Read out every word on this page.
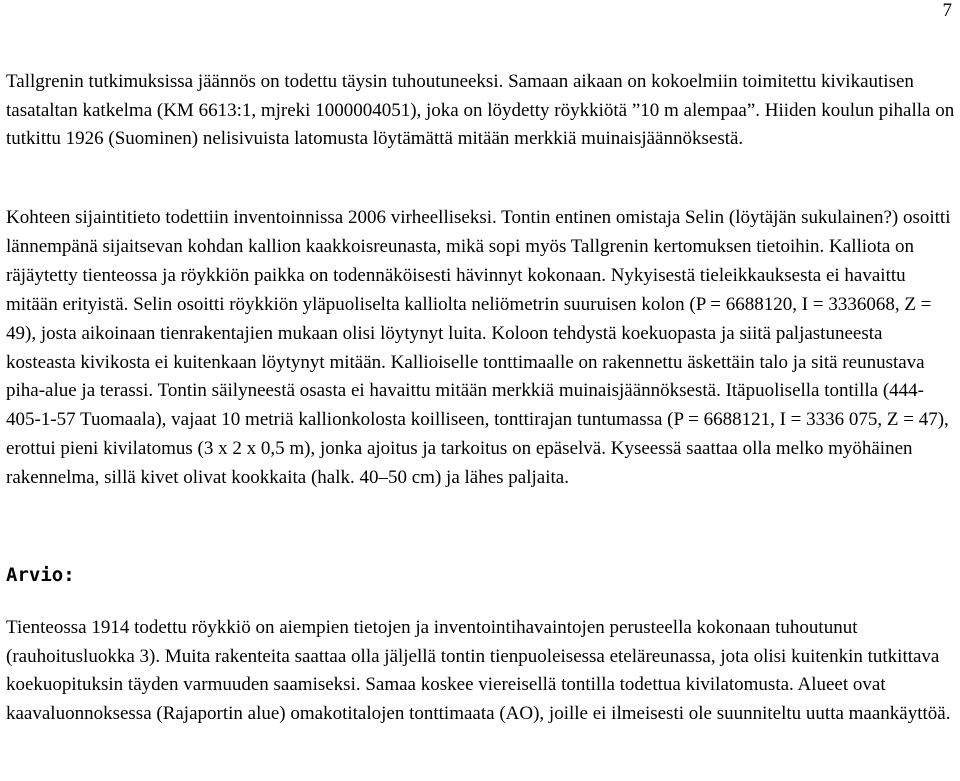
7

Tallgrenin tutkimuksissa jäännös on todettu täysin tuhoutuneeksi. Samaan aikaan on kokoelmiin toimitettu kivikautisen tasataltan katkelma (KM 6613:1, mjreki 1000004051), joka on löydetty röykkiötä ”10 m alempaa”. Hiiden koulun pihalla on tutkittu 1926 (Suominen) nelisivuista latomusta löytämättä mitään merkkiä muinaisjäännöksestä.

Kohteen sijaintitieto todettiin inventoinnissa 2006 virheelliseksi. Tontin entinen omistaja Selin (löytäjän sukulainen?) osoitti lännempänä sijaitsevan kohdan kallion kaakkoisreunasta, mikä sopi myös Tallgrenin kertomuksen tietoihin. Kalliota on räjäytetty tienteossa ja röykkiön paikka on todennäköisesti hävinnyt kokonaan. Nykyisestä tieleikkauksesta ei havaittu mitään erityistä. Selin osoitti röykkiön yläpuoliselta kalliolta neliömetrin suuruisen kolon (P = 6688120, I = 3336068, Z = 49), josta aikoinaan tienrakentajien mukaan olisi löytynyt luita. Koloon tehdystä koekuopasta ja siitä paljastuneesta kosteasta kivikosta ei kuitenkaan löytynyt mitään. Kallioiselle tonttimaalle on rakennettu äskettäin talo ja sitä reunustava piha-alue ja terassi. Tontin säilyneestä osasta ei havaittu mitään merkkiä muinaisjäännöksestä. Itäpuolisella tontilla (444-405-1-57 Tuomaala), vajaat 10 metriä kallionkolosta koilliseen, tonttirajan tuntumassa (P = 6688121, I = 3336 075, Z = 47), erottui pieni kivilatomus (3 x 2 x 0,5 m), jonka ajoitus ja tarkoitus on epäselvä. Kyseessä saattaa olla melko myöhäinen rakennelma, sillä kivet olivat kookkaita (halk. 40–50 cm) ja lähes paljaita.

Arvio:

Tienteossa 1914 todettu röykkiö on aiempien tietojen ja inventointihavaintojen perusteella kokonaan tuhoutunut (rauhoitusluokka 3). Muita rakenteita saattaa olla jäljellä tontin tienpuoleisessa eteläreunassa, jota olisi kuitenkin tutkittava koekuopituksin täyden varmuuden saamiseksi. Samaa koskee viereisellä tontilla todettua kivilatomusta. Alueet ovat kaavaluonnoksessa (Rajaportin alue) omakotitalojen tonttimaata (AO), joille ei ilmeisesti ole suunniteltu uutta maankäyttöä.
